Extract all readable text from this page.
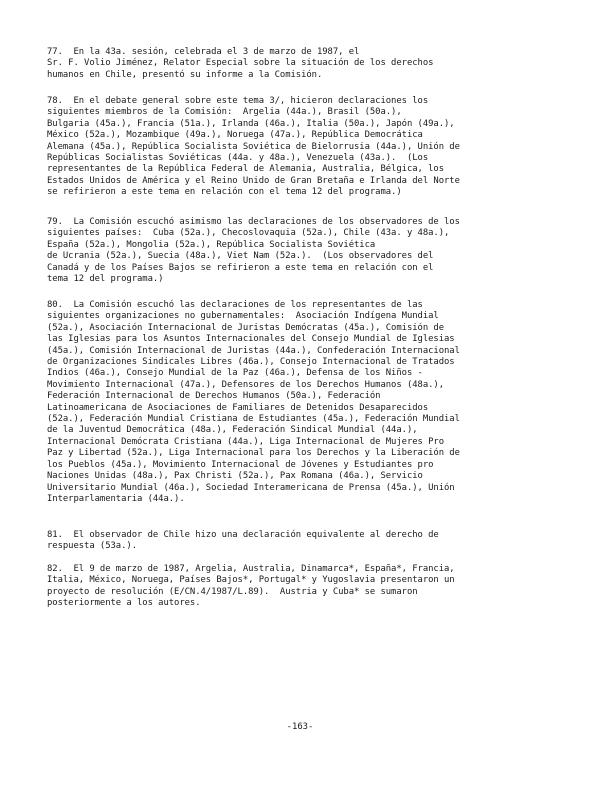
77.  En la 43a. sesión, celebrada el 3 de marzo de 1987, el
Sr. F. Volio Jiménez, Relator Especial sobre la situación de los derechos
humanos en Chile, presentó su informe a la Comisión.

78.  En el debate general sobre este tema 3/, hicieron declaraciones los
siguientes miembros de la Comisión:  Argelia (44a.), Brasil (50a.),
Bulgaria (45a.), Francia (51a.), Irlanda (46a.), Italia (50a.), Japón (49a.),
México (52a.), Mozambique (49a.), Noruega (47a.), República Democrática
Alemana (45a.), República Socialista Soviética de Bielorrusia (44a.), Unión de
Repúblicas Socialistas Soviéticas (44a. y 48a.), Venezuela (43a.).  (Los
representantes de la República Federal de Alemania, Australia, Bélgica, los
Estados Unidos de América y el Reino Unido de Gran Bretaña e Irlanda del Norte
se refirieron a este tema en relación con el tema 12 del programa.)

79.  La Comisión escuchó asimismo las declaraciones de los observadores de los
siguientes países:  Cuba (52a.), Checoslovaquia (52a.), Chile (43a. y 48a.),
España (52a.), Mongolia (52a.), República Socialista Soviética
de Ucrania (52a.), Suecia (48a.), Viet Nam (52a.).  (Los observadores del
Canadá y de los Países Bajos se refirieron a este tema en relación con el
tema 12 del programa.)

80.  La Comisión escuchó las declaraciones de los representantes de las
siguientes organizaciones no gubernamentales:  Asociación Indígena Mundial
(52a.), Asociación Internacional de Juristas Demócratas (45a.), Comisión de
las Iglesias para los Asuntos Internacionales del Consejo Mundial de Iglesias
(45a.), Comisión Internacional de Juristas (44a.), Confederación Internacional
de Organizaciones Sindicales Libres (46a.), Consejo Internacional de Tratados
Indios (46a.), Consejo Mundial de la Paz (46a.), Defensa de los Niños -
Movimiento Internacional (47a.), Defensores de los Derechos Humanos (48a.),
Federación Internacional de Derechos Humanos (50a.), Federación
Latinoamericana de Asociaciones de Familiares de Detenidos Desaparecidos
(52a.), Federación Mundial Cristiana de Estudiantes (45a.), Federación Mundial
de la Juventud Democrática (48a.), Federación Sindical Mundial (44a.),
Internacional Demócrata Cristiana (44a.), Liga Internacional de Mujeres Pro
Paz y Libertad (52a.), Liga Internacional para los Derechos y la Liberación de
los Pueblos (45a.), Movimiento Internacional de Jóvenes y Estudiantes pro
Naciones Unidas (48a.), Pax Christi (52a.), Pax Romana (46a.), Servicio
Universitario Mundial (46a.), Sociedad Interamericana de Prensa (45a.), Unión
Interparlamentaria (44a.).

81.  El observador de Chile hizo una declaración equivalente al derecho de
respuesta (53a.).

82.  El 9 de marzo de 1987, Argelia, Australia, Dinamarca*, España*, Francia,
Italia, México, Noruega, Países Bajos*, Portugal* y Yugoslavia presentaron un
proyecto de resolución (E/CN.4/1987/L.89).  Austria y Cuba* se sumaron
posteriormente a los autores.

-163-
